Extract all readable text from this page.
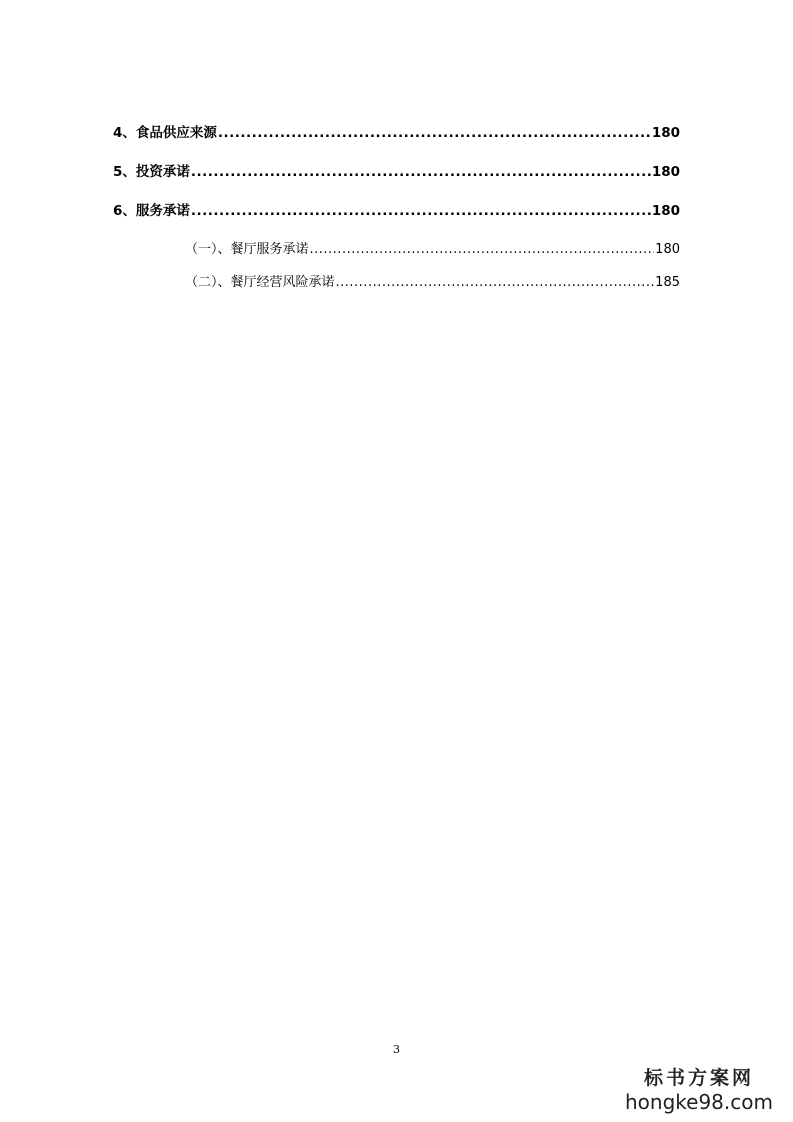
4、食品供应来源 .....	180
5、投资承诺 .....	180
6、服务承诺 .....	180
（一）、餐厅服务承诺 .....	180
（二）、餐厅经营风险承诺 .....	185
3
标书方案网
hongke98.com
